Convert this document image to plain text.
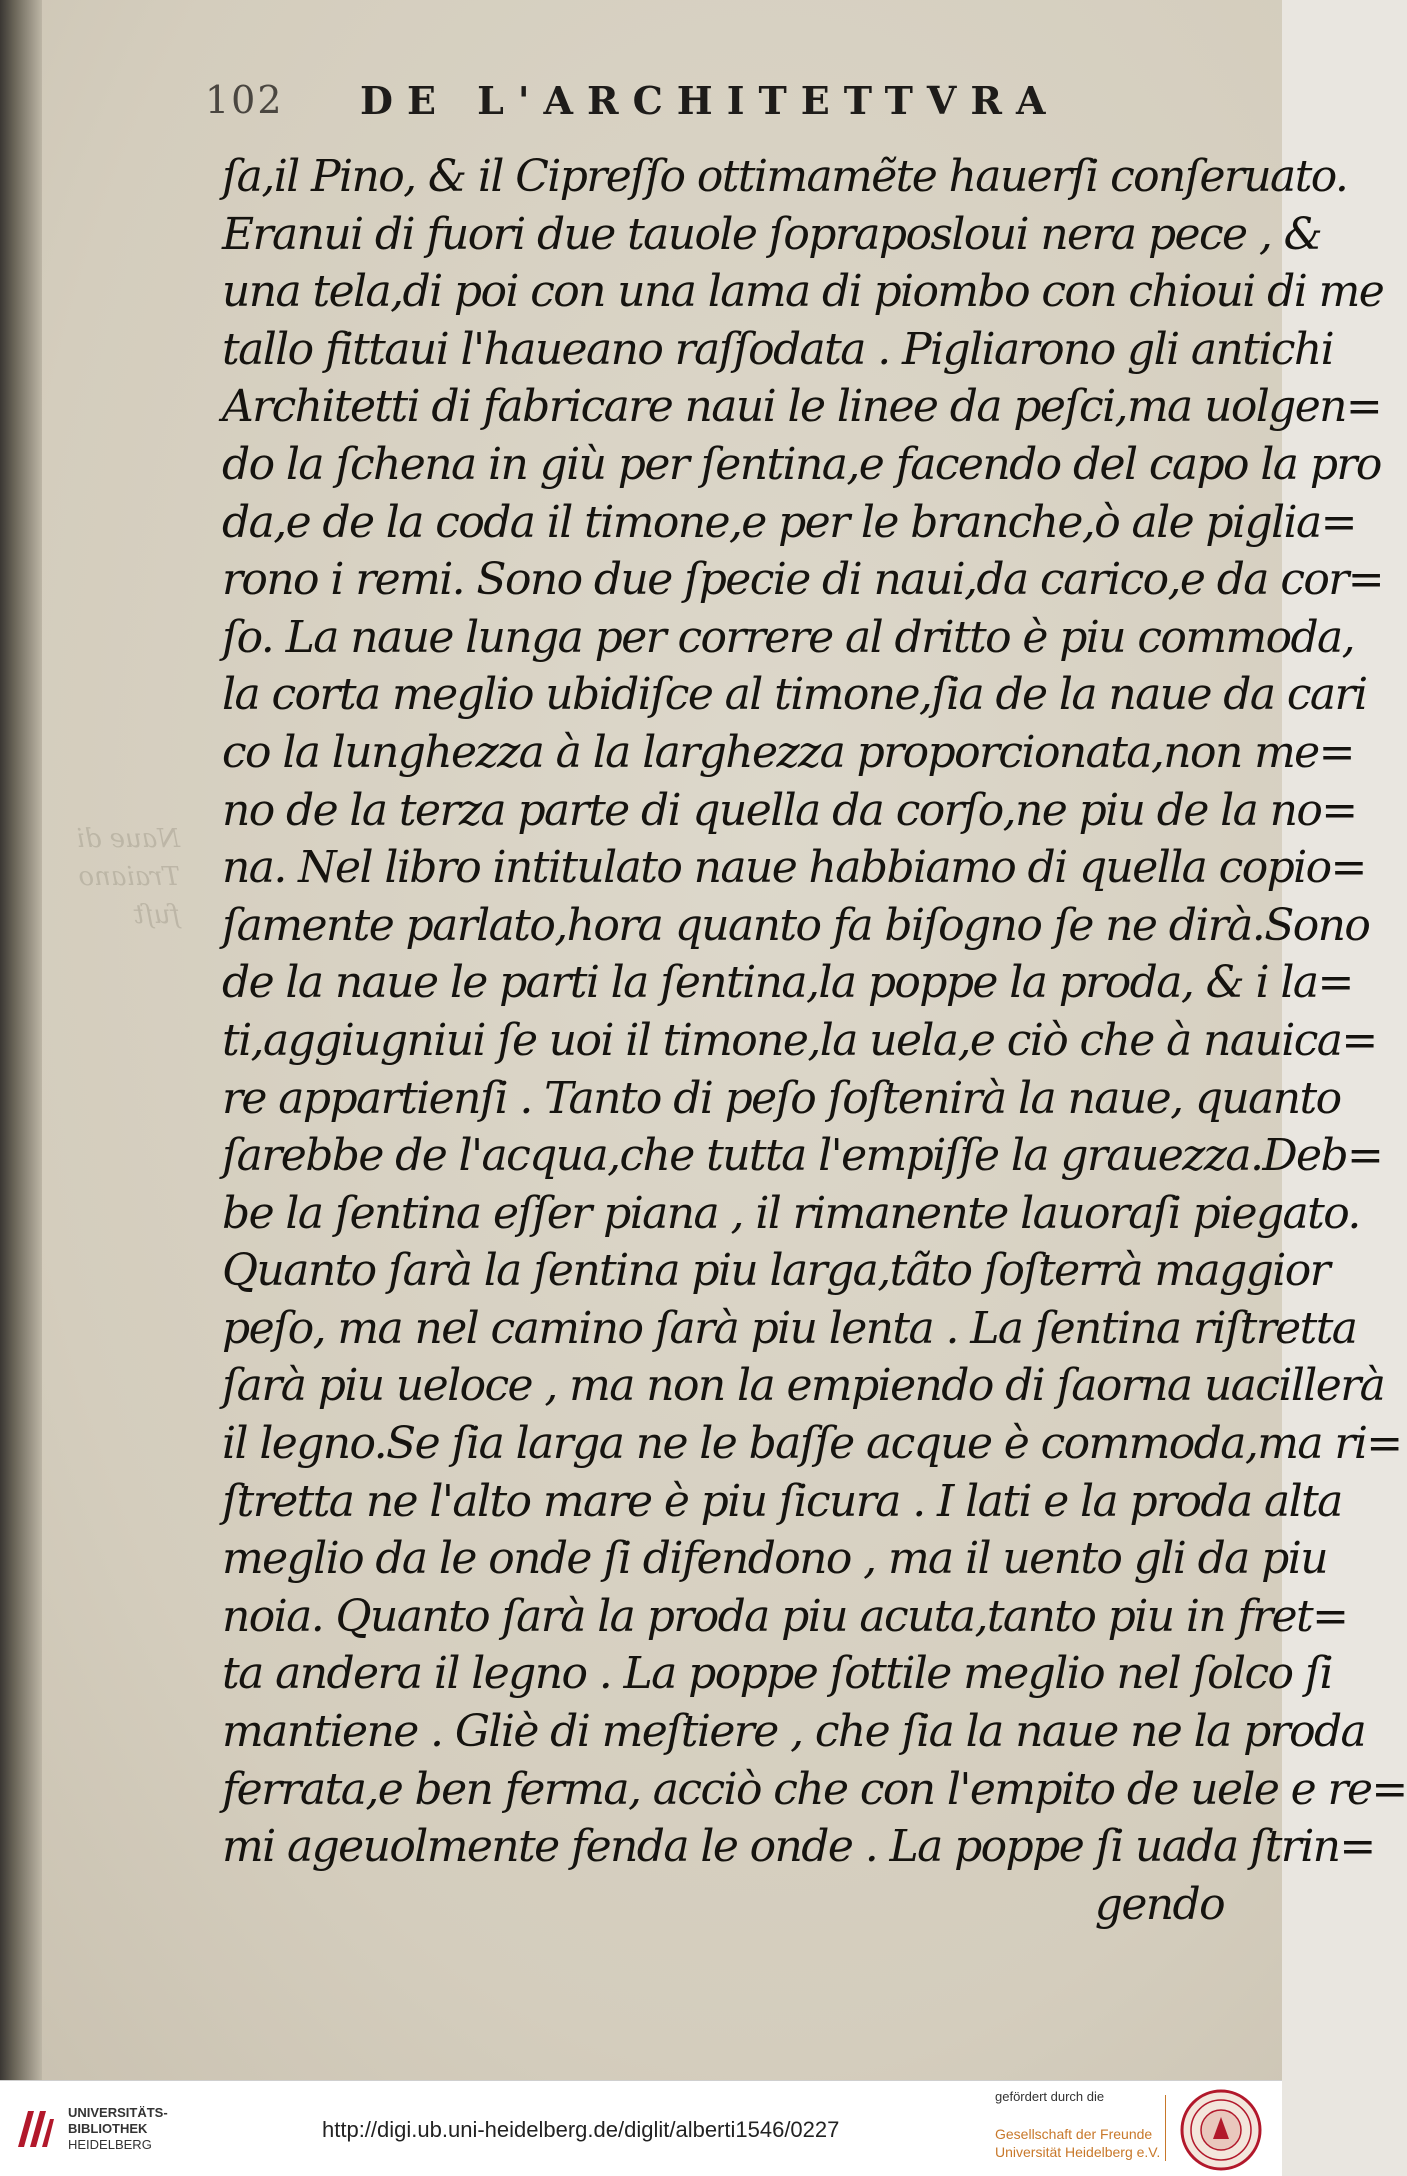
Naue di
Traiano
fuſt
102 DE L'ARCHITETTVRA
ſa,il Pino, & il Cipreſſo ottimamẽte hauerſi conſeruato.
Eranui di fuori due tauole ſopraposloui nera pece , &
una tela,di poi con una lama di piombo con chioui di me
tallo fittaui l'haueano raſſodata . Pigliarono gli antichi
Architetti di fabricare naui le linee da peſci,ma uolgen=
do la ſchena in giù per ſentina,e facendo del capo la pro
da,e de la coda il timone,e per le branche,ò ale piglia=
rono i remi. Sono due ſpecie di naui,da carico,e da cor=
ſo. La naue lunga per correre al dritto è piu commoda,
la corta meglio ubidiſce al timone,ſia de la naue da cari
co la lunghezza à la larghezza proporcionata,non me=
no de la terza parte di quella da corſo,ne piu de la no=
na. Nel libro intitulato naue habbiamo di quella copio=
ſamente parlato,hora quanto fa biſogno ſe ne dirà.Sono
de la naue le parti la ſentina,la poppe la proda, & i la=
ti,aggiugniui ſe uoi il timone,la uela,e ciò che à nauica=
re appartienſi . Tanto di peſo ſoſtenirà la naue, quanto
ſarebbe de l'acqua,che tutta l'empiſſe la grauezza.Deb=
be la ſentina eſſer piana , il rimanente lauoraſi piegato.
Quanto ſarà la ſentina piu larga,tãto ſoſterrà maggior
peſo, ma nel camino ſarà piu lenta . La ſentina riſtretta
ſarà piu ueloce , ma non la empiendo di ſaorna uacillerà
il legno.Se ſia larga ne le baſſe acque è commoda,ma ri=
ſtretta ne l'alto mare è piu ſicura . I lati e la proda alta
meglio da le onde ſi difendono , ma il uento gli da piu
noia. Quanto ſarà la proda piu acuta,tanto piu in fret=
ta andera il legno . La poppe ſottile meglio nel ſolco ſi
mantiene . Gliè di meſtiere , che ſia la naue ne la proda
ferrata,e ben ferma, acciò che con l'empito de uele e re=
mi ageuolmente fenda le onde . La poppe ſi uada ſtrin=
gendo
UNIVERSITÄTS-
BIBLIOTHEK
HEIDELBERG
http://digi.ub.uni-heidelberg.de/diglit/alberti1546/0227
gefördert durch die
Gesellschaft der Freunde
Universität Heidelberg e.V.
